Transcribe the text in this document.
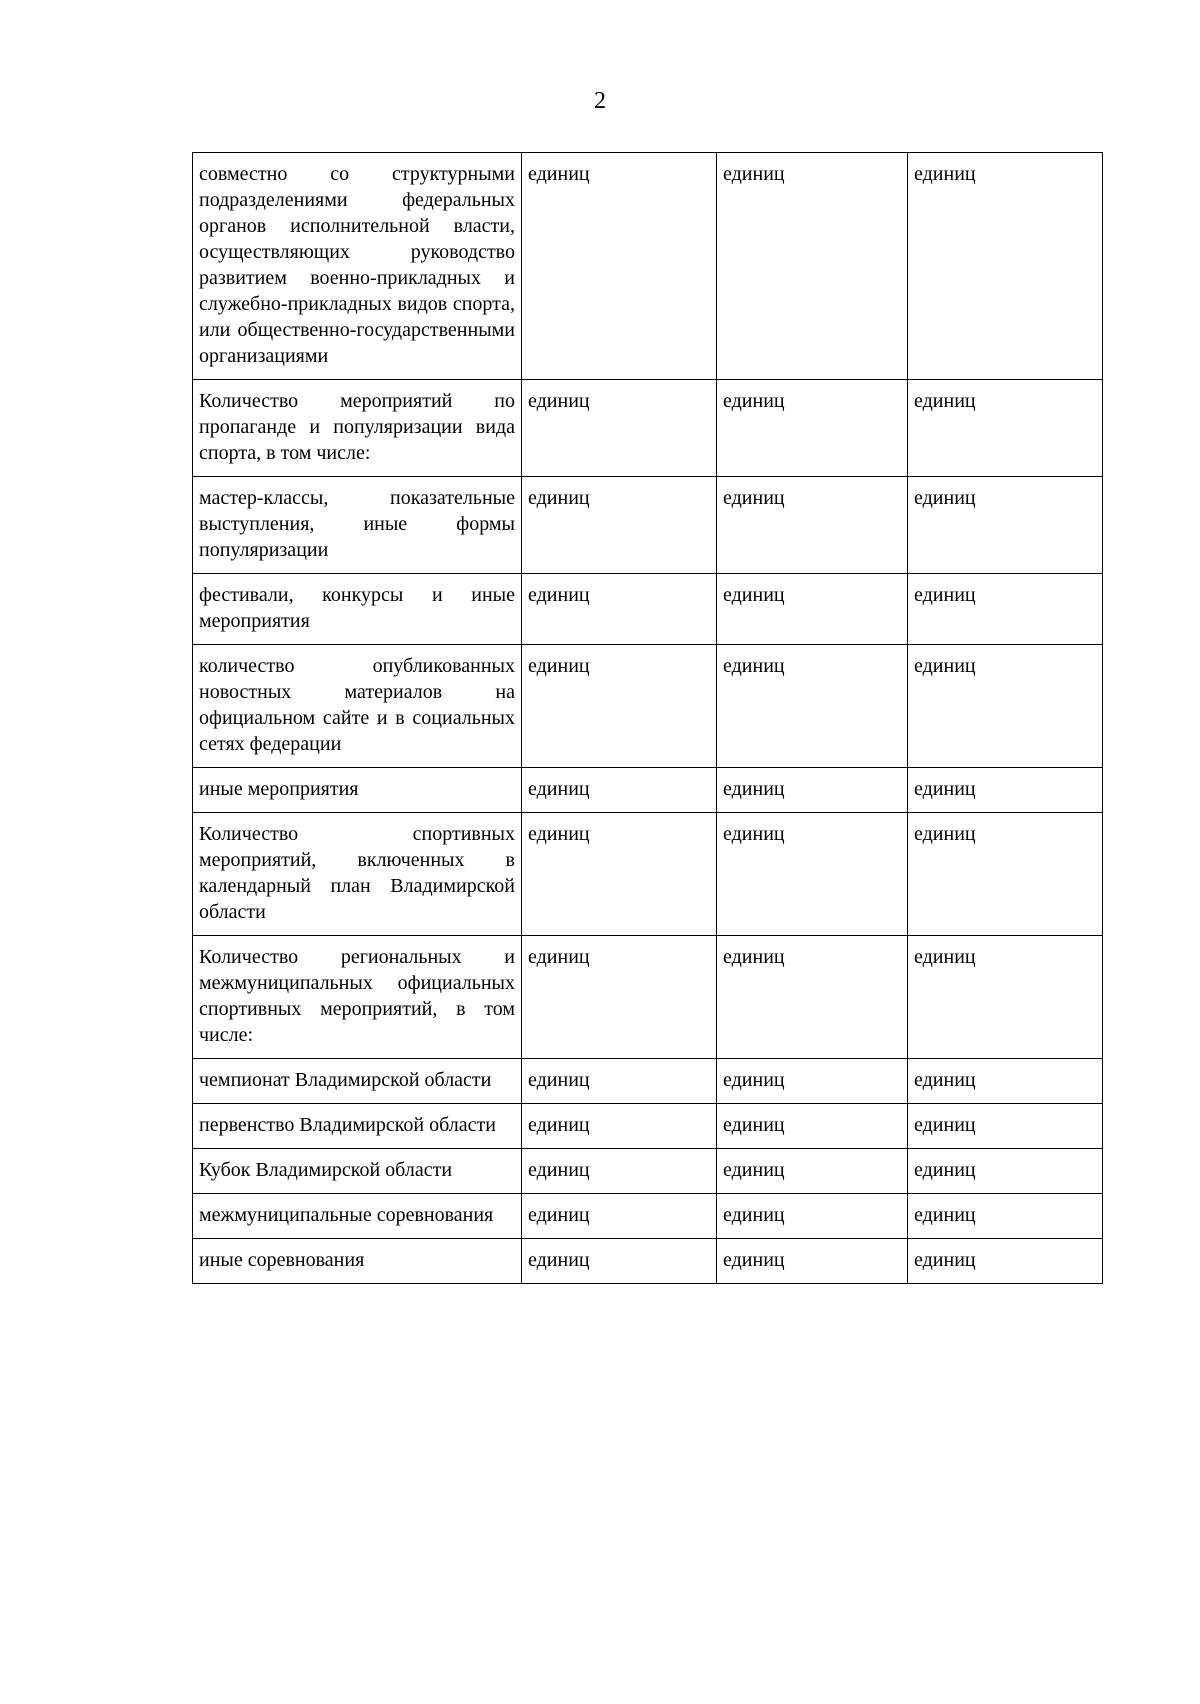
2
совместно со структурными подразделениями федеральных органов исполнительной власти, осуществляющих руководство развитием военно-прикладных и служебно-прикладных видов спорта, или общественно-государственными организациями	единиц	единиц	единиц
Количество мероприятий по пропаганде и популяризации вида спорта, в том числе:	единиц	единиц	единиц
мастер-классы, показательные выступления, иные формы популяризации	единиц	единиц	единиц
фестивали, конкурсы и иные мероприятия	единиц	единиц	единиц
количество опубликованных новостных материалов на официальном сайте и в социальных сетях федерации	единиц	единиц	единиц
иные мероприятия	единиц	единиц	единиц
Количество спортивных мероприятий, включенных в календарный план Владимирской области	единиц	единиц	единиц
Количество региональных и межмуниципальных официальных спортивных мероприятий, в том числе:	единиц	единиц	единиц
чемпионат Владимирской области	единиц	единиц	единиц
первенство Владимирской области	единиц	единиц	единиц
Кубок Владимирской области	единиц	единиц	единиц
межмуниципальные соревнования	единиц	единиц	единиц
иные соревнования	единиц	единиц	единиц
